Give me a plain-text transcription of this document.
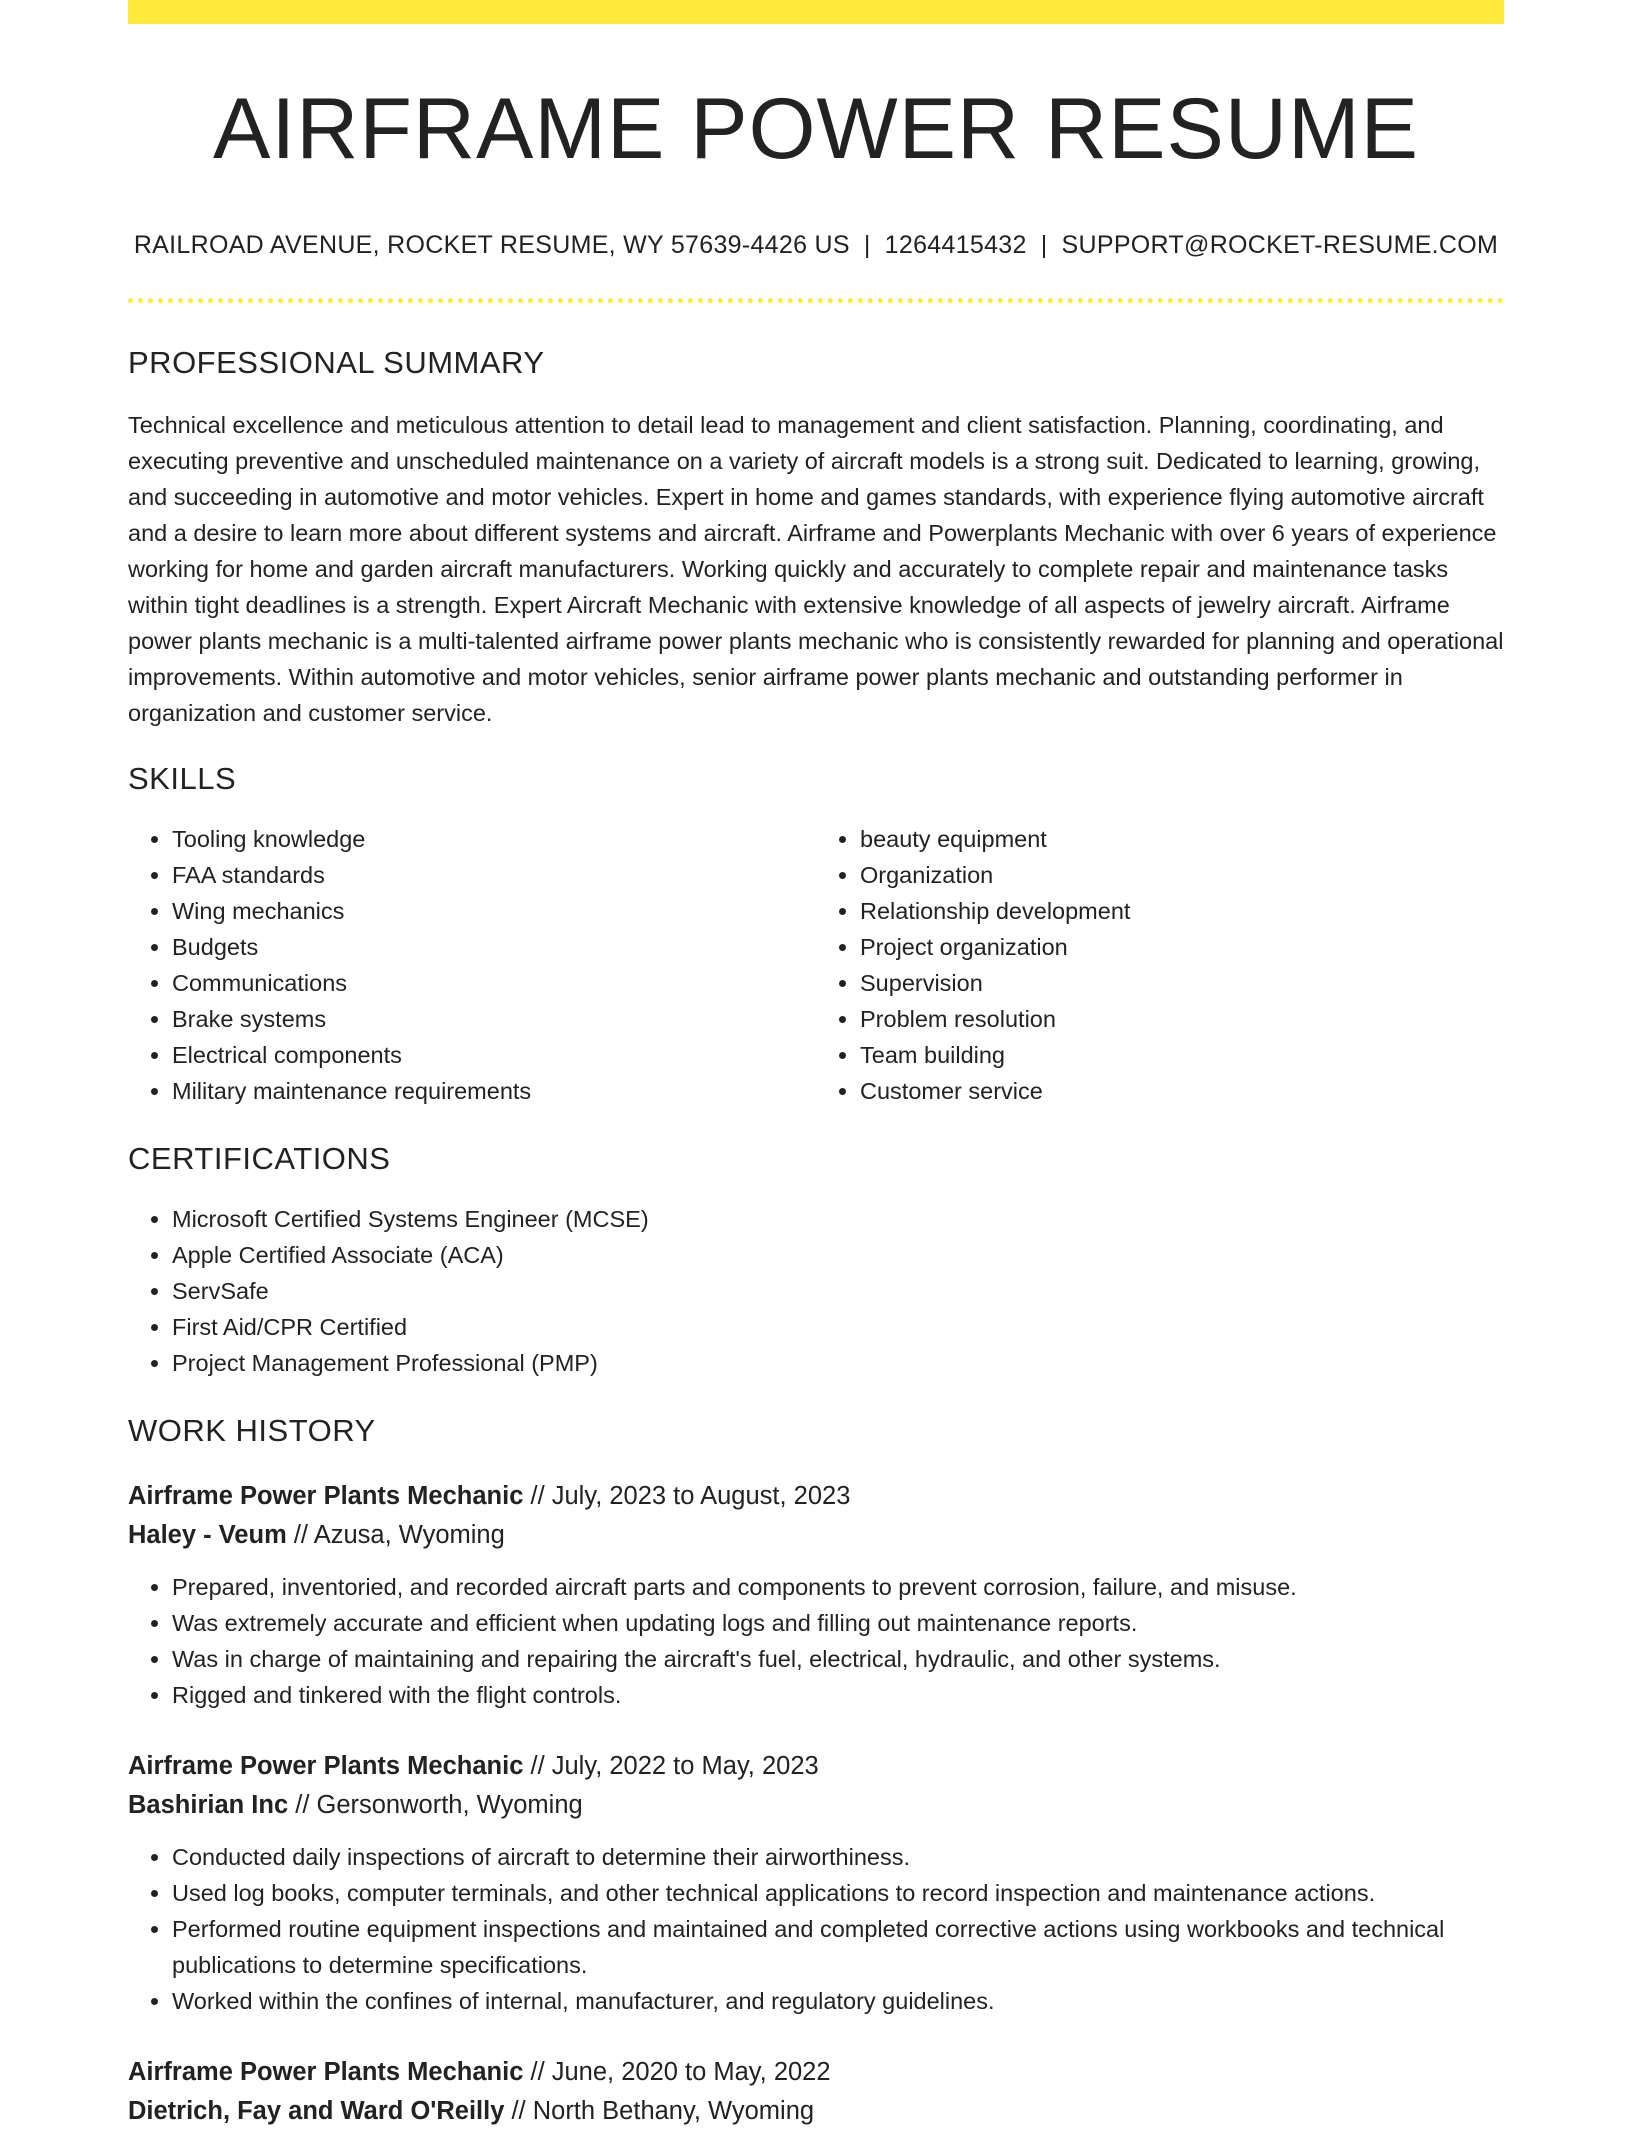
AIRFRAME POWER RESUME
RAILROAD AVENUE, ROCKET RESUME, WY 57639-4426 US | 1264415432 | SUPPORT@ROCKET-RESUME.COM
PROFESSIONAL SUMMARY

Technical excellence and meticulous attention to detail lead to management and client satisfaction. Planning, coordinating, and executing preventive and unscheduled maintenance on a variety of aircraft models is a strong suit. Dedicated to learning, growing, and succeeding in automotive and motor vehicles. Expert in home and games standards, with experience flying automotive aircraft and a desire to learn more about different systems and aircraft. Airframe and Powerplants Mechanic with over 6 years of experience working for home and garden aircraft manufacturers. Working quickly and accurately to complete repair and maintenance tasks within tight deadlines is a strength. Expert Aircraft Mechanic with extensive knowledge of all aspects of jewelry aircraft. Airframe power plants mechanic is a multi-talented airframe power plants mechanic who is consistently rewarded for planning and operational improvements. Within automotive and motor vehicles, senior airframe power plants mechanic and outstanding performer in organization and customer service.

SKILLS
• Tooling knowledge
• FAA standards
• Wing mechanics
• Budgets
• Communications
• Brake systems
• Electrical components
• Military maintenance requirements
• beauty equipment
• Organization
• Relationship development
• Project organization
• Supervision
• Problem resolution
• Team building
• Customer service
CERTIFICATIONS
• Microsoft Certified Systems Engineer (MCSE)
• Apple Certified Associate (ACA)
• ServSafe
• First Aid/CPR Certified
• Project Management Professional (PMP)
WORK HISTORY
Airframe Power Plants Mechanic // July, 2023 to August, 2023
Haley - Veum // Azusa, Wyoming
• Prepared, inventoried, and recorded aircraft parts and components to prevent corrosion, failure, and misuse.
• Was extremely accurate and efficient when updating logs and filling out maintenance reports.
• Was in charge of maintaining and repairing the aircraft's fuel, electrical, hydraulic, and other systems.
• Rigged and tinkered with the flight controls.
Airframe Power Plants Mechanic // July, 2022 to May, 2023
Bashirian Inc // Gersonworth, Wyoming
• Conducted daily inspections of aircraft to determine their airworthiness.
• Used log books, computer terminals, and other technical applications to record inspection and maintenance actions.
• Performed routine equipment inspections and maintained and completed corrective actions using workbooks and technical publications to determine specifications.
• Worked within the confines of internal, manufacturer, and regulatory guidelines.
Airframe Power Plants Mechanic // June, 2020 to May, 2022
Dietrich, Fay and Ward O'Reilly // North Bethany, Wyoming
